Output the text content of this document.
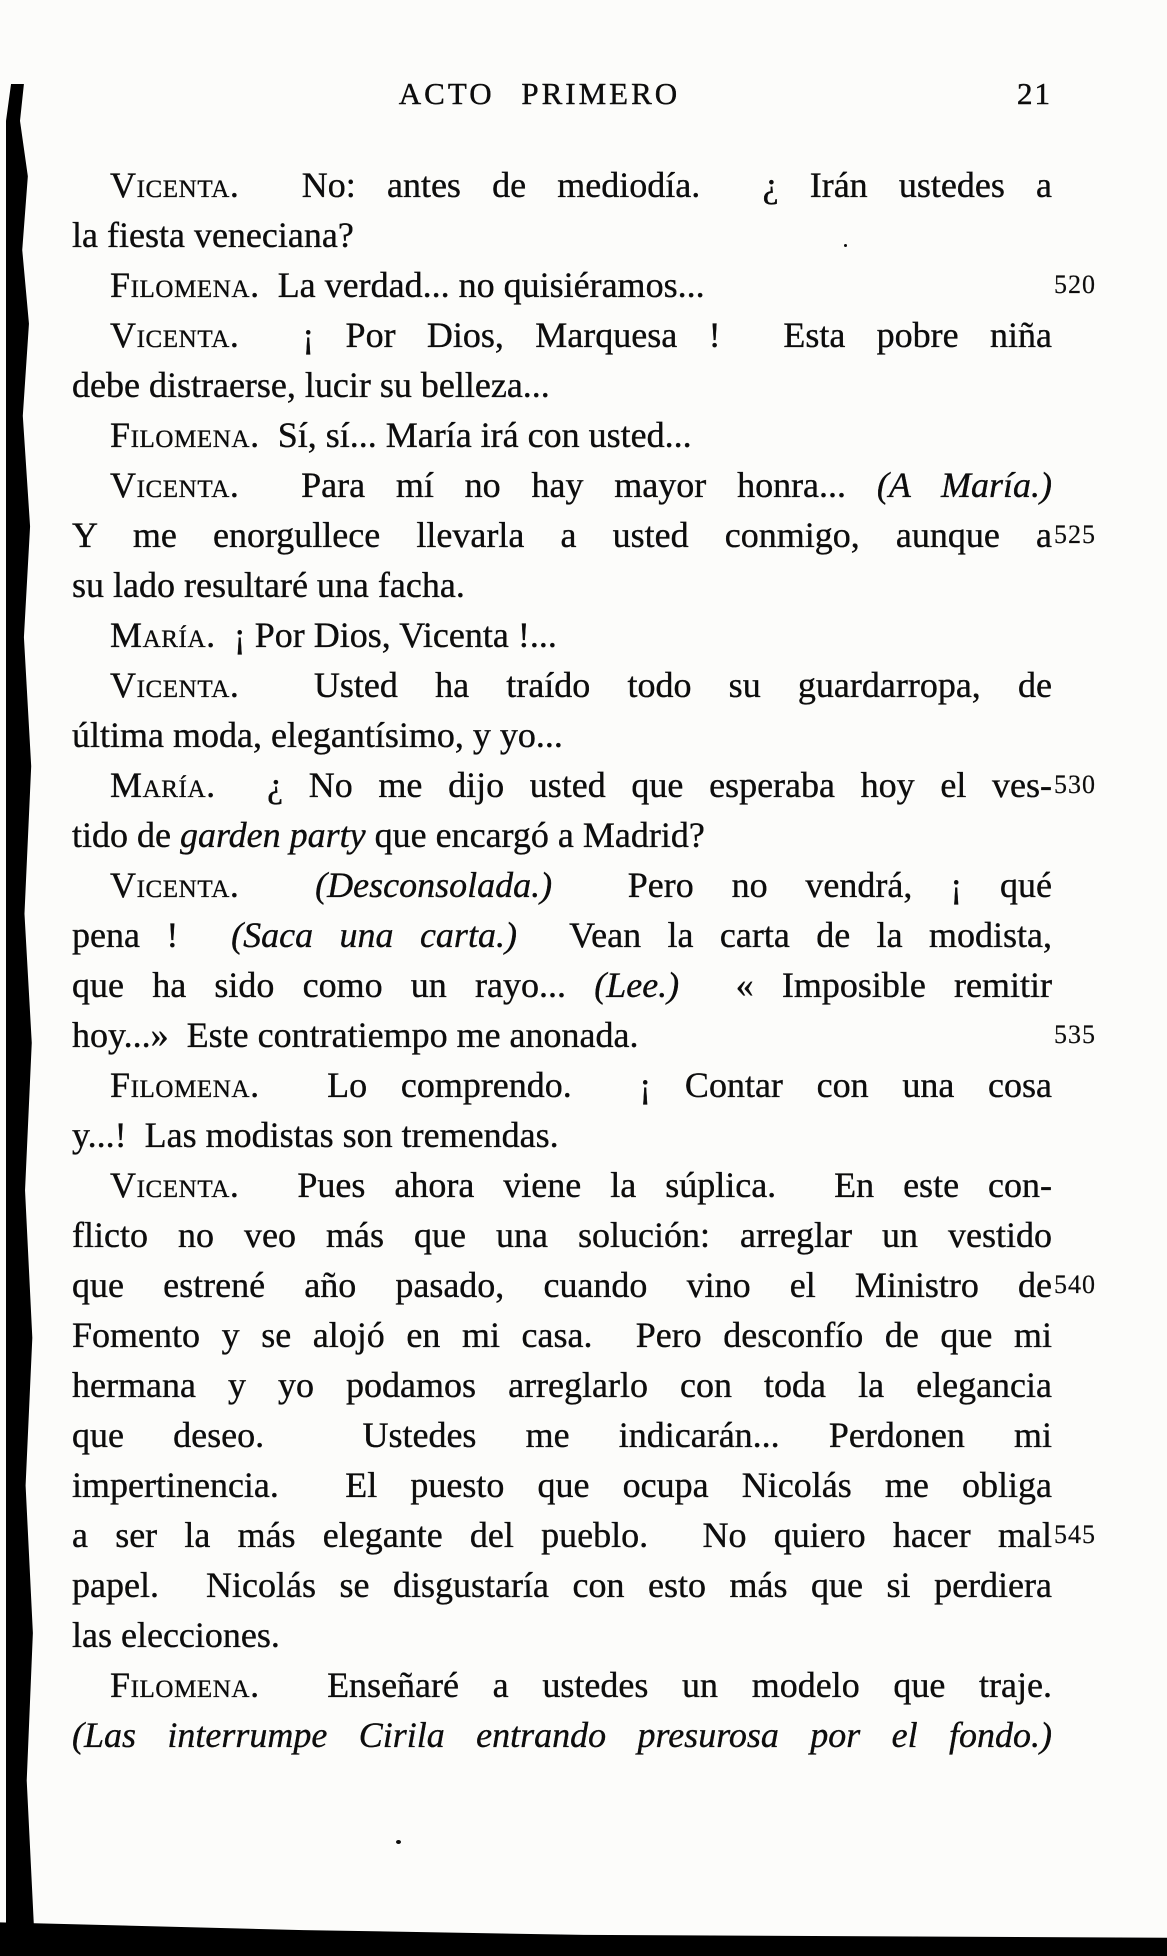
ACTO PRIMERO	21
Vicenta.  No: antes de mediodía.  ¿ Irán ustedes a
la fiesta veneciana?
Filomena.  La verdad... no quisiéramos...	520
Vicenta.  ¡ Por Dios, Marquesa !  Esta pobre niña
debe distraerse, lucir su belleza...
Filomena.  Sí, sí... María irá con usted...
Vicenta.  Para mí no hay mayor honra... (A María.)
Y me enorgullece llevarla a usted conmigo, aunque a 525
su lado resultaré una facha.
María.  ¡ Por Dios, Vicenta !...
Vicenta.  Usted ha traído todo su guardarropa, de
última moda, elegantísimo, y yo...
María.  ¿ No me dijo usted que esperaba hoy el ves- 530
tido de garden party que encargó a Madrid?
Vicenta. (Desconsolada.)  Pero no vendrá, ¡ qué
pena !  (Saca una carta.)  Vean la carta de la modista,
que ha sido como un rayo... (Lee.)  « Imposible remitir
hoy...»  Este contratiempo me anonada.	535
Filomena.  Lo comprendo.  ¡ Contar con una cosa
y...!  Las modistas son tremendas.
Vicenta.  Pues ahora viene la súplica.  En este con-
flicto no veo más que una solución: arreglar un vestido
que estrené año pasado, cuando vino el Ministro de 540
Fomento y se alojó en mi casa.  Pero desconfío de que mi
hermana y yo podamos arreglarlo con toda la elegancia
que deseo.  Ustedes me indicarán... Perdonen mi
impertinencia.  El puesto que ocupa Nicolás me obliga
a ser la más elegante del pueblo.  No quiero hacer mal 545
papel.  Nicolás se disgustaría con esto más que si perdiera
las elecciones.
Filomena.  Enseñaré a ustedes un modelo que traje.
(Las interrumpe Cirila entrando presurosa por el fondo.)
